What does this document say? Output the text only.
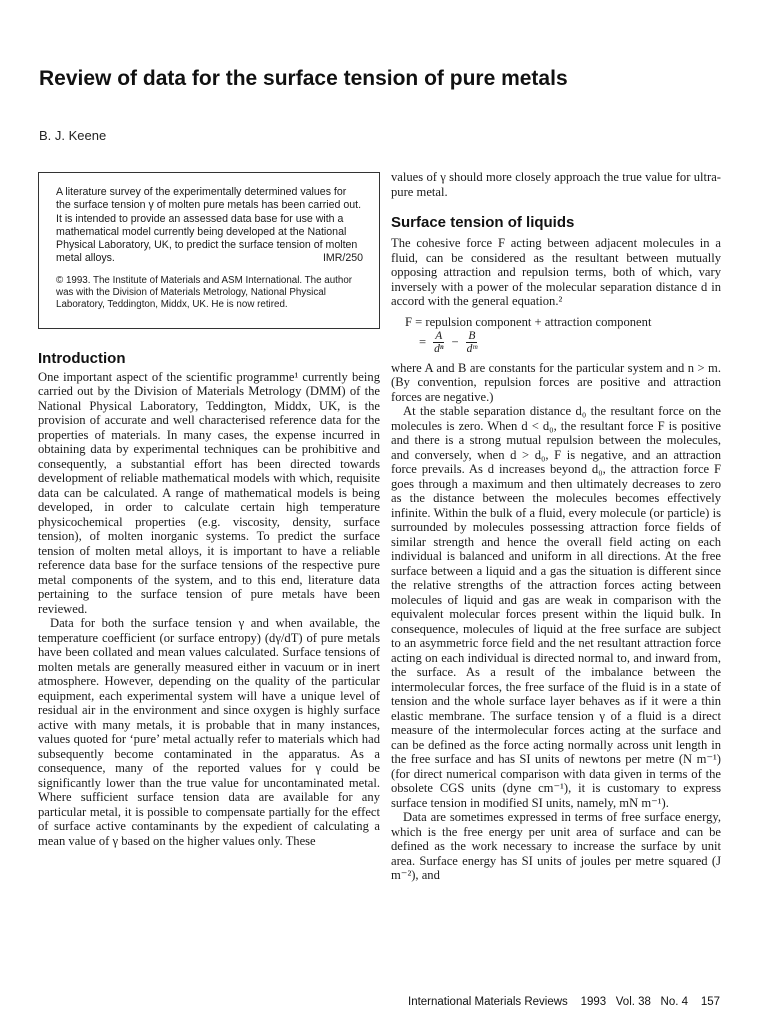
Review of data for the surface tension of pure metals
B. J. Keene

A literature survey of the experimentally determined values for the surface tension γ of molten pure metals has been carried out. It is intended to provide an assessed data base for use with a mathematical model currently being developed at the National Physical Laboratory, UK, to predict the surface tension of molten metal alloys.	IMR/250

© 1993. The Institute of Materials and ASM International. The author was with the Division of Materials Metrology, National Physical Laboratory, Teddington, Middx, UK. He is now retired.

Introduction

One important aspect of the scientific programme¹ currently being carried out by the Division of Materials Metrology (DMM) of the National Physical Laboratory, Teddington, Middx, UK, is the provision of accurate and well characterised reference data for the properties of materials. In many cases, the expense incurred in obtaining data by experimental techniques can be prohibitive and consequently, a substantial effort has been directed towards development of reliable mathematical models with which, requisite data can be calculated. A range of mathematical models is being developed, in order to calculate certain high temperature physicochemical properties (e.g. viscosity, density, surface tension), of molten inorganic systems. To predict the surface tension of molten metal alloys, it is important to have a reliable reference data base for the surface tensions of the respective pure metal components of the system, and to this end, literature data pertaining to the surface tension of pure metals have been reviewed.

Data for both the surface tension γ and when available, the temperature coefficient (or surface entropy) (dγ/dT) of pure metals have been collated and mean values calculated. Surface tensions of molten metals are generally measured either in vacuum or in inert atmosphere. However, depending on the quality of the particular equipment, each experimental system will have a unique level of residual air in the environment and since oxygen is highly surface active with many metals, it is probable that in many instances, values quoted for ‘pure’ metal actually refer to materials which had subsequently become contaminated in the apparatus. As a consequence, many of the reported values for γ could be significantly lower than the true value for uncontaminated metal. Where sufficient surface tension data are available for any particular metal, it is possible to compensate partially for the effect of surface active contaminants by the expedient of calculating a mean value of γ based on the higher values only. These

values of γ should more closely approach the true value for ultra-pure metal.

Surface tension of liquids

The cohesive force F acting between adjacent molecules in a fluid, can be considered as the resultant between mutually opposing attraction and repulsion terms, both of which, vary inversely with a power of the molecular separation distance d in accord with the general equation.²

F = repulsion component + attraction component
= $\frac{A}{\text{dⁿ}} - \frac{B}{\text{dᵐ}}$

where A and B are constants for the particular system and n > m. (By convention, repulsion forces are positive and attraction forces are negative.)

At the stable separation distance d₀ the resultant force on the molecules is zero. When d < d₀, the resultant force F is positive and there is a strong mutual repulsion between the molecules, and conversely, when d > d₀, F is negative, and an attraction force prevails. As d increases beyond d₀, the attraction force F goes through a maximum and then ultimately decreases to zero as the distance between the molecules becomes effectively infinite. Within the bulk of a fluid, every molecule (or particle) is surrounded by molecules possessing attraction force fields of similar strength and hence the overall field acting on each individual is balanced and uniform in all directions. At the free surface between a liquid and a gas the situation is different since the relative strengths of the attraction forces acting between molecules of liquid and gas are weak in comparison with the equivalent molecular forces present within the liquid bulk. In consequence, molecules of liquid at the free surface are subject to an asymmetric force field and the net resultant attraction force acting on each individual is directed normal to, and inward from, the surface. As a result of the imbalance between the intermolecular forces, the free surface of the fluid is in a state of tension and the whole surface layer behaves as if it were a thin elastic membrane. The surface tension γ of a fluid is a direct measure of the intermolecular forces acting at the surface and can be defined as the force acting normally across unit length in the free surface and has SI units of newtons per metre (N m⁻¹) (for direct numerical comparison with data given in terms of the obsolete CGS units (dyne cm⁻¹), it is customary to express surface tension in modified SI units, namely, mN m⁻¹).

Data are sometimes expressed in terms of free surface energy, which is the free energy per unit area of surface and can be defined as the work necessary to increase the surface by unit area. Surface energy has SI units of joules per metre squared (J m⁻²), and

International Materials Reviews 1993 Vol. 38 No. 4 157
